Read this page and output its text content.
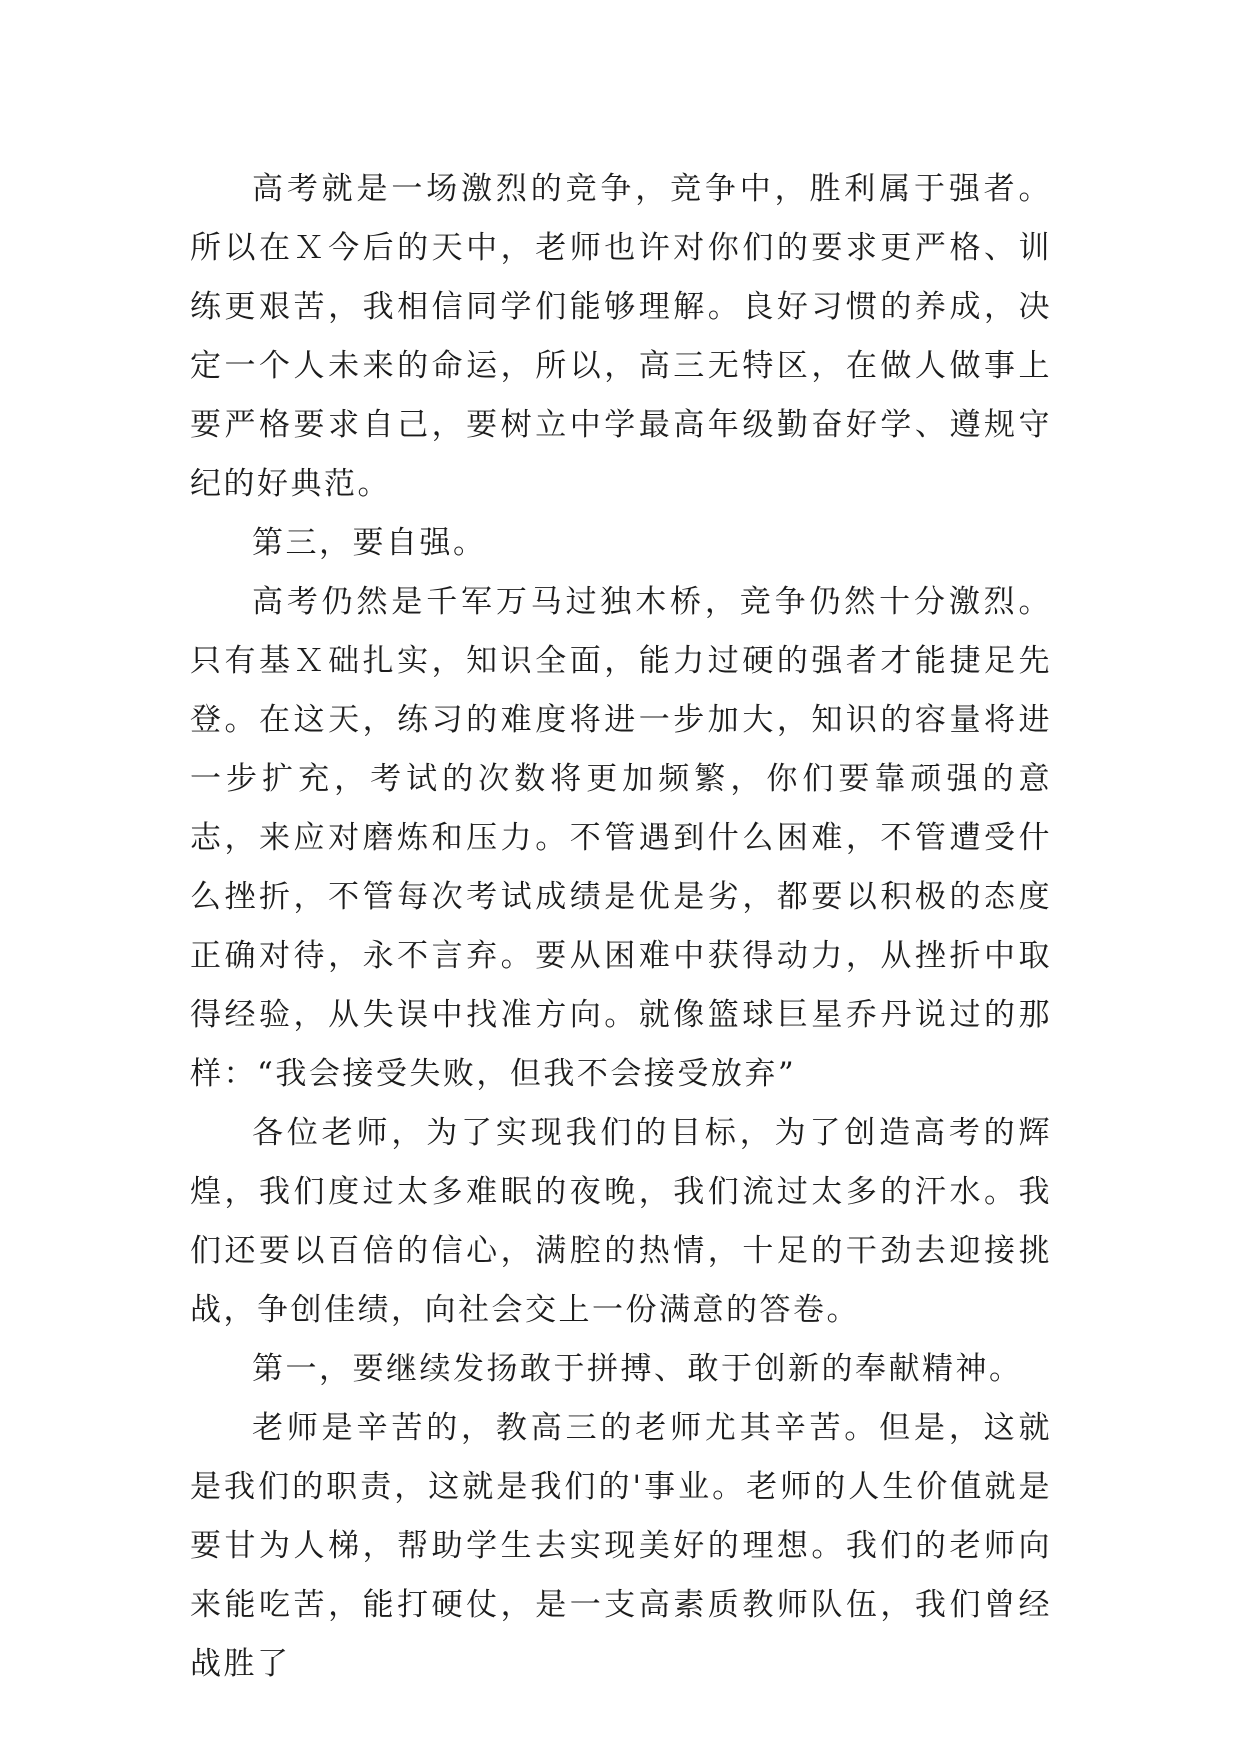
高考就是一场激烈的竞争，竞争中，胜利属于强者。所以在Ｘ今后的天中，老师也许对你们的要求更严格、训练更艰苦，我相信同学们能够理解。良好习惯的养成，决定一个人未来的命运，所以，高三无特区，在做人做事上要严格要求自己，要树立中学最高年级勤奋好学、遵规守纪的好典范。

第三，要自强。

高考仍然是千军万马过独木桥，竞争仍然十分激烈。只有基Ｘ础扎实，知识全面，能力过硬的强者才能捷足先登。在这天，练习的难度将进一步加大，知识的容量将进一步扩充，考试的次数将更加频繁，你们要靠顽强的意志，来应对磨炼和压力。不管遇到什么困难，不管遭受什么挫折，不管每次考试成绩是优是劣，都要以积极的态度正确对待，永不言弃。要从困难中获得动力，从挫折中取得经验，从失误中找准方向。就像篮球巨星乔丹说过的那样：“我会接受失败，但我不会接受放弃”

各位老师，为了实现我们的目标，为了创造高考的辉煌，我们度过太多难眠的夜晚，我们流过太多的汗水。我们还要以百倍的信心，满腔的热情，十足的干劲去迎接挑战，争创佳绩，向社会交上一份满意的答卷。

第一，要继续发扬敢于拼搏、敢于创新的奉献精神。

老师是辛苦的，教高三的老师尤其辛苦。但是，这就是我们的职责，这就是我们的'事业。老师的人生价值就是要甘为人梯，帮助学生去实现美好的理想。我们的老师向来能吃苦，能打硬仗，是一支高素质教师队伍，我们曾经战胜了
